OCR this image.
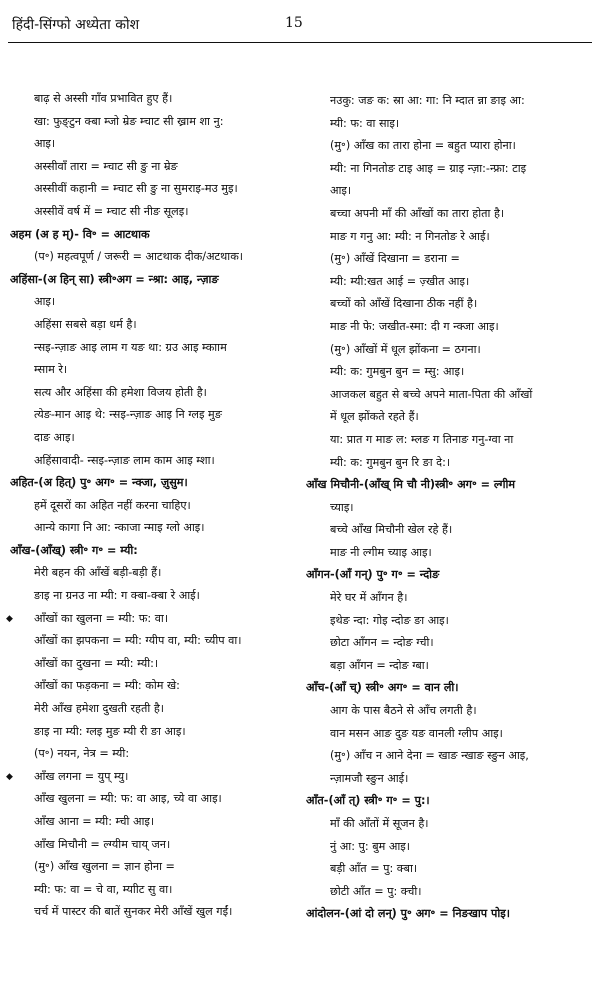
हिंदी-सिंग्फो अध्येता कोश	15
बाढ़ से अस्सी गाँव प्रभावित हुए हैं।
खा: फुङ्टुन क्बा म्जो म्रेङ म्चाट सी ख्राम शा नु:
आइ।
अस्सीवाँ तारा = म्चाट सी ङु ना म्रेङ
अस्सीवीं कहानी = म्चाट सी ङु ना सुमराइ-मउ मुइ।
अस्सीवें वर्ष में = म्चाट सी नीङ सूलइ।
अहम (अ ह म्)- वि॰ = आटथाक
(प॰) महत्वपूर्ण / जरूरी = आटथाक दीक/अटथाक।
अहिंसा-(अ हिन् सा) स्त्री॰अग = न्श्रा: आइ, न्ज़ाङ
आइ।
अहिंसा सबसे बड़ा धर्म है।
न्सइ-न्ज़ाङ आइ लाम ग यङ था: ग्रउ आइ म्कााम
म्साम रे।
सत्य और अहिंसा की हमेशा विजय होती है।
त्येङ-मान आइ थे: न्सइ-न्ज़ाङ आइ नि ग्लइ मुङ
दाङ आइ।
अहिंसावादी- न्सइ-न्ज़ाङ लाम काम आइ म्शा।
अहित-(अ हित्) पु॰ अग॰ = न्क्जा, ज़ुसुम।
हमें दूसरों का अहित नहीं करना चाहिए।
आन्ये कागा नि आ: न्काजा न्माइ ग्लो आइ।
आँख-(आँख्) स्त्री॰ ग॰ = म्यी:
मेरी बहन की आँखें बड़ी-बड़ी हैं।
ङाइ ना ग्रनउ ना म्यी: ग क्बा-क्बा रे आई।
◆ आँखों का खुलना = म्यी: फ: वा।
आँखों का झपकना = म्यी: ग्यीप वा, म्यी: च्यीप वा।
आँखों का दुखना = म्यी: म्यी:।
आँखों का फड़कना = म्यी: कोम खे:
मेरी आँख हमेशा दुखती रहती है।
ङाइ ना म्यी: ग्लइ मुङ म्यी री ङा आइ।
(प॰) नयन, नेत्र = म्यी:
◆ आँख लगना = युप् म्यु।
आँख खुलना = म्यी: फ: वा आइ, च्ये वा आइ।
आँख आना = म्यी: म्ची आइ।
आँख मिचौनी = ल्ग्यीम चाय् जन।
(मु॰) आँख खुलना = ज्ञान होना =
म्यी: फ: वा = चे वा, म्याीट सु वा।
चर्च में पास्टर की बातें सुनकर मेरी आँखें खुल गईं।
नउकु: जङ क: स्रा आ: गा: नि म्दात न्ना ङाइ आ:
म्यी: फ: वा साइ।
(मु॰) आँख का तारा होना = बहुत प्यारा होना।
म्यी: ना गिनतोङ टाइ आइ = ग्राइ न्ज़ा:-न्फ्रा: टाइ
आइ।
बच्चा अपनी माँ की आँखों का तारा होता है।
माङ ग गनु आ: म्यी: न गिनतोङ रे आई।
(मु॰) आँखें दिखाना = डराना =
म्यी: म्यी:खत आई = ज़्खीत आइ।
बच्चों को आँखें दिखाना ठीक नहीं है।
माङ नी फे: जखीत-स्मा: दी ग न्क्जा आइ।
(मु॰) आँखों में धूल झोंकना = ठगना।
म्यी: क: गुमबुन बुन = म्सु: आइ।
आजकल बहुत से बच्चे अपने माता-पिता की आँखों
में धूल झोंकते रहते हैं।
या: प्रात ग माङ ल: म्लङ ग तिनाङ गनु-ग्वा ना
म्यी: क: गुमबुन बुन रि ङा दे:।
आँख मिचौनी-(आँख् मि चौ नी)स्त्री॰ अग॰ = ल्गीम
च्याइ।
बच्चे आँख मिचौनी खेल रहे हैं।
माङ नी ल्गीम च्याइ आइ।
आँगन-(आँ गन्) पु॰ ग॰ = न्दोङ
मेरे घर में आँगन है।
इथेङ न्दा: गोइ न्दोङ ङा आइ।
छोटा आँगन = न्दोङ ग्ची।
बड़ा आँगन = न्दोङ ग्बा।
आँच-(आँ च्) स्त्री॰ अग॰ = वान ली।
आग के पास बैठने से आँच लगती है।
वान मसन आङ दुङ यङ वानली ग्लीप आइ।
(मु॰) आँच न आने देना = खाङ न्खाङ स्ङुन आइ,
न्ज़ामजौ स्ङुन आई।
आँत-(आँ त्) स्त्री॰ ग॰ = पु:।
माँ की आँतों में सूजन है।
नुं आ: पु: बुम आइ।
बड़ी आँत = पु: क्बा।
छोटी आँत = पु: क्ची।
आंदोलन-(आं दो लन्) पु॰ अग॰ = निङखाप पोइ।
